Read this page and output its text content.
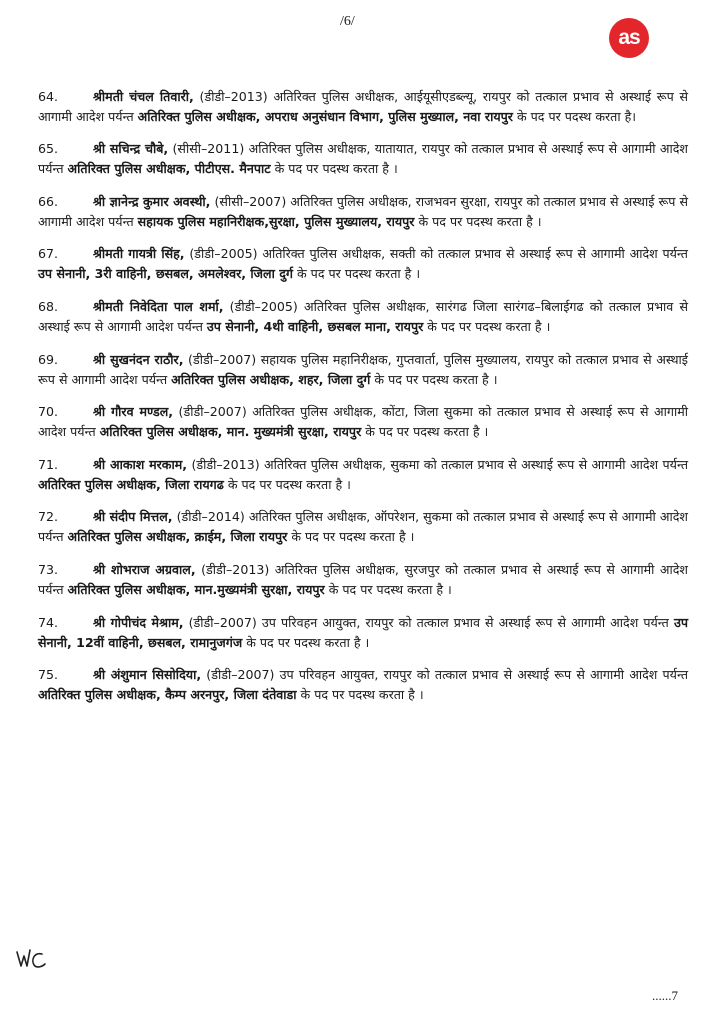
/6/
as

64.	श्रीमती चंचल तिवारी, (डीडी–2013) अतिरिक्त पुलिस अधीक्षक, आईयूसीएडब्ल्यू, रायपुर को तत्काल प्रभाव से अस्थाई रूप से आगामी आदेश पर्यन्त अतिरिक्त पुलिस अधीक्षक, अपराध अनुसंधान विभाग, पुलिस मुख्याल, नवा रायपुर के पद पर पदस्थ करता है।

65.	श्री सचिन्द्र चौबे, (सीसी–2011) अतिरिक्त पुलिस अधीक्षक, यातायात, रायपुर को तत्काल प्रभाव से अस्थाई रूप से आगामी आदेश पर्यन्त अतिरिक्त पुलिस अधीक्षक, पीटीएस. मैनपाट के पद पर पदस्थ करता है ।

66.	श्री ज्ञानेन्द्र कुमार अवस्थी, (सीसी–2007) अतिरिक्त पुलिस अधीक्षक, राजभवन सुरक्षा, रायपुर को तत्काल प्रभाव से अस्थाई रूप से आगामी आदेश पर्यन्त सहायक पुलिस महानिरीक्षक,सुरक्षा, पुलिस मुख्यालय, रायपुर के पद पर पदस्थ करता है ।

67.	श्रीमती गायत्री सिंह, (डीडी–2005) अतिरिक्त पुलिस अधीक्षक, सक्ती को तत्काल प्रभाव से अस्थाई रूप से आगामी आदेश पर्यन्त उप सेनानी, 3री वाहिनी, छसबल, अमलेश्वर, जिला दुर्ग के पद पर पदस्थ करता है ।

68.	श्रीमती निवेदिता पाल शर्मा, (डीडी–2005) अतिरिक्त पुलिस अधीक्षक, सारंगढ जिला सारंगढ–बिलाईगढ को तत्काल प्रभाव से अस्थाई रूप से आगामी आदेश पर्यन्त उप सेनानी, 4थी वाहिनी, छसबल माना, रायपुर के पद पर पदस्थ करता है ।

69.	श्री सुखनंदन राठौर, (डीडी–2007) सहायक पुलिस महानिरीक्षक, गुप्तवार्ता, पुलिस मुख्यालय, रायपुर को तत्काल प्रभाव से अस्थाई रूप से आगामी आदेश पर्यन्त अतिरिक्त पुलिस अधीक्षक, शहर, जिला दुर्ग के पद पर पदस्थ करता है ।

70.	श्री गौरव मण्डल, (डीडी–2007) अतिरिक्त पुलिस अधीक्षक, कोंटा, जिला सुकमा को तत्काल प्रभाव से अस्थाई रूप से आगामी आदेश पर्यन्त अतिरिक्त पुलिस अधीक्षक, मान. मुख्यमंत्री सुरक्षा, रायपुर के पद पर पदस्थ करता है ।

71.	श्री आकाश मरकाम, (डीडी–2013) अतिरिक्त पुलिस अधीक्षक, सुकमा को तत्काल प्रभाव से अस्थाई रूप से आगामी आदेश पर्यन्त अतिरिक्त पुलिस अधीक्षक, जिला रायगढ के पद पर पदस्थ करता है ।

72.	श्री संदीप मित्तल, (डीडी–2014) अतिरिक्त पुलिस अधीक्षक, ऑपरेशन, सुकमा को तत्काल प्रभाव से अस्थाई रूप से आगामी आदेश पर्यन्त अतिरिक्त पुलिस अधीक्षक, क्राईम, जिला रायपुर के पद पर पदस्थ करता है ।

73.	श्री शोभराज अग्रवाल, (डीडी–2013) अतिरिक्त पुलिस अधीक्षक, सुरजपुर को तत्काल प्रभाव से अस्थाई रूप से आगामी आदेश पर्यन्त अतिरिक्त पुलिस अधीक्षक, मान.मुख्यमंत्री सुरक्षा, रायपुर के पद पर पदस्थ करता है ।

74.	श्री गोपीचंद मेश्राम, (डीडी–2007) उप परिवहन आयुक्त, रायपुर को तत्काल प्रभाव से अस्थाई रूप से आगामी आदेश पर्यन्त उप सेनानी, 12वीं वाहिनी, छसबल, रामानुजगंज के पद पर पदस्थ करता है ।

75.	श्री अंशुमान सिसोदिया, (डीडी–2007) उप परिवहन आयुक्त, रायपुर को तत्काल प्रभाव से अस्थाई रूप से आगामी आदेश पर्यन्त अतिरिक्त पुलिस अधीक्षक, कैम्प अरनपुर, जिला दंतेवाडा के पद पर पदस्थ करता है ।

......7
